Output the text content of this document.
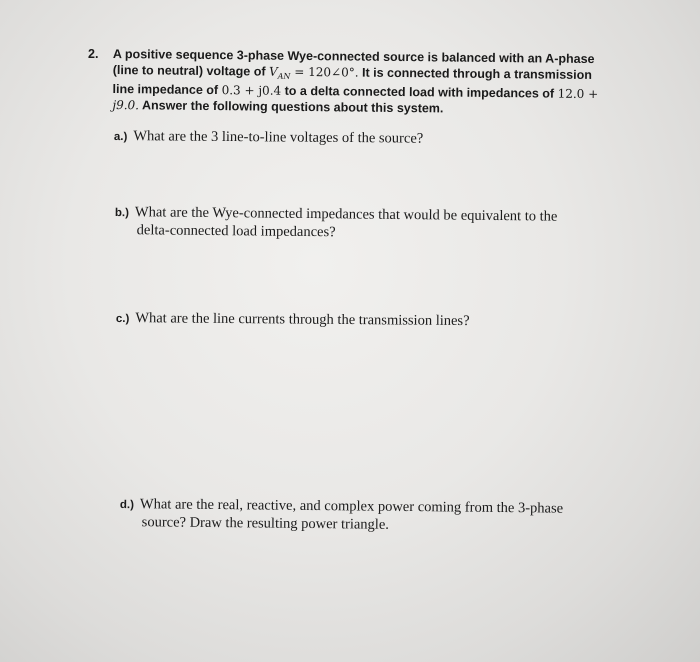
2. A positive sequence 3-phase Wye-connected source is balanced with an A-phase
(line to neutral) voltage of $V_{AN}$ = 120∠0°. It is connected through a transmission
line impedance of 0.3 + j0.4 to a delta connected load with impedances of 12.0 +
j9.0. Answer the following questions about this system.
a.) What are the 3 line-to-line voltages of the source?
b.) What are the Wye-connected impedances that would be equivalent to the
delta-connected load impedances?
c.) What are the line currents through the transmission lines?
d.) What are the real, reactive, and complex power coming from the 3-phase
source? Draw the resulting power triangle.
